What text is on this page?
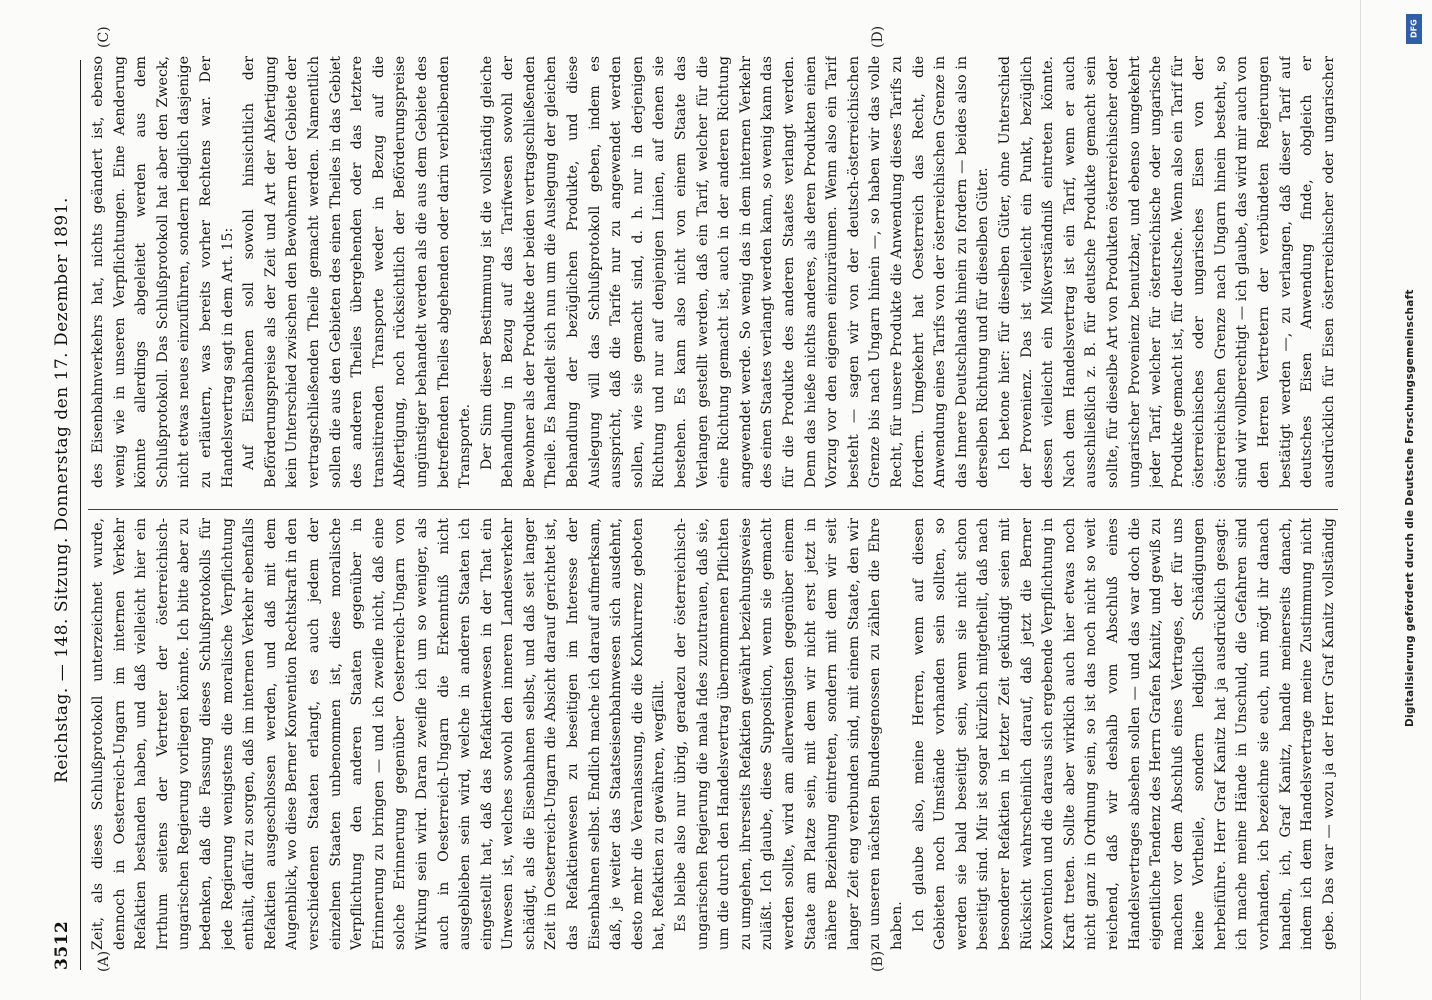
3512
Reichstag. — 148. Sitzung. Donnerstag den 17. Dezember 1891.
(A)	(B)
(C)	(D)

Zeit, als dieses Schlußprotokoll unterzeichnet wurde, dennoch in Oesterreich-Ungarn im internen Verkehr Refaktien bestanden haben, und daß vielleicht hier ein Irrthum seitens der Vertreter der österreichisch-ungarischen Regierung vorliegen könnte. Ich bitte aber zu bedenken, daß die Fassung dieses Schlußprotokolls für jede Regierung wenigstens die moralische Verpflichtung enthält, dafür zu sorgen, daß im internen Verkehr ebenfalls Refaktien ausgeschlossen werden, und daß mit dem Augenblick, wo diese Berner Konvention Rechtskraft in den verschiedenen Staaten erlangt, es auch jedem der einzelnen Staaten unbenommen ist, diese moralische Verpflichtung den anderen Staaten gegenüber in Erinnerung zu bringen — und ich zweifle nicht, daß eine solche Erinnerung gegenüber Oesterreich-Ungarn von Wirkung sein wird. Daran zweifle ich um so weniger, als auch in Oesterreich-Ungarn die Erkenntniß nicht ausgeblieben sein wird, welche in anderen Staaten ich eingestellt hat, daß das Refaktienwesen in der That ein Unwesen ist, welches sowohl den inneren Landesverkehr schädigt, als die Eisenbahnen selbst, und daß seit langer Zeit in Oesterreich-Ungarn die Absicht darauf gerichtet ist, das Refaktienwesen zu beseitigen im Interesse der Eisenbahnen selbst. Endlich mache ich darauf aufmerksam, daß, je weiter das Staatseisenbahnwesen sich ausdehnt, desto mehr die Veranlassung, die die Konkurrenz geboten hat, Refaktien zu gewähren, wegfällt. Es bleibe also nur übrig, geradezu der österreichisch-ungarischen Regierung die mala fides zuzutrauen, daß sie, um die durch den Handelsvertrag übernommenen Pflichten zu umgehen, ihrerseits Refaktien gewährt beziehungsweise zuläßt. Ich glaube, diese Supposition, wenn sie gemacht werden sollte, wird am allerwenigsten gegenüber einem Staate am Platze sein, mit dem wir nicht erst jetzt in nähere Beziehung eintreten, sondern mit dem wir seit langer Zeit eng verbunden sind, mit einem Staate, den wir zu unseren nächsten Bundesgenossen zu zählen die Ehre haben. Ich glaube also, meine Herren, wenn auf diesen Gebieten noch Umstände vorhanden sein sollten, so werden sie bald beseitigt sein, wenn sie nicht schon beseitigt sind. Mir ist sogar kürzlich mitgetheilt, daß nach besonderer Refaktien in letzter Zeit gekündigt seien mit Rücksicht wahrscheinlich darauf, daß jetzt die Berner Konvention und die daraus sich ergebende Verpflichtung in Kraft treten. Sollte aber wirklich auch hier etwas noch nicht ganz in Ordnung sein, so ist das noch nicht so weit reichend, daß wir deshalb vom Abschluß eines Handelsvertrages absehen sollen — und das war doch die eigentliche Tendenz des Herrn Grafen Kanitz, und gewiß zu machen vor dem Abschluß eines Vertrages, der für uns keine Vortheile, sondern lediglich Schädigungen herbeiführe. Herr Graf Kanitz hat ja ausdrücklich gesagt: ich mache meine Hände in Unschuld, die Gefahren sind vorhanden, ich bezeichne sie euch, nun mögt ihr danach handeln, ich, Graf Kanitz, handle meinerseits danach, indem ich dem Handelsvertrage meine Zustimmung nicht gebe. Das war — wozu ja der Herr Graf Kanitz vollständig

des Eisenbahnverkehrs hat, nichts geändert ist, ebenso wenig wie in unseren Verpflichtungen. Eine Aenderung könnte allerdings abgeleitet werden aus dem Schlußprotokoll. Das Schlußprotokoll hat aber den Zweck, nicht etwas neues einzuführen, sondern lediglich dasjenige zu erläutern, was bereits vorher Rechtens war. Der Handelsvertrag sagt in dem Art. 15: Auf Eisenbahnen soll sowohl hinsichtlich der Beförderungspreise als der Zeit und Art der Abfertigung kein Unterschied zwischen den Bewohnern der Gebiete der vertragschließenden Theile gemacht werden. Namentlich sollen die aus den Gebieten des einen Theiles in das Gebiet des anderen Theiles übergehenden oder das letztere transitirenden Transporte weder in Bezug auf die Abfertigung, noch rücksichtlich der Beförderungspreise ungünstiger behandelt werden als die aus dem Gebiete des betreffenden Theiles abgehenden oder darin verbleibenden Transporte. Der Sinn dieser Bestimmung ist die vollständig gleiche Behandlung in Bezug auf das Tarifwesen sowohl der Bewohner als der Produkte der beiden vertragschließenden Theile. Es handelt sich nun um die Auslegung der gleichen Behandlung der bezüglichen Produkte, und diese Auslegung will das Schlußprotokoll geben, indem es ausspricht, daß die Tarife nur zu angewendet werden sollen, wie sie gemacht sind, d. h. nur in derjenigen Richtung und nur auf denjenigen Linien, auf denen sie bestehen. Es kann also nicht von einem Staate das Verlangen gestellt werden, daß ein Tarif, welcher für die eine Richtung gemacht ist, auch in der anderen Richtung angewendet werde. So wenig das in dem internen Verkehr des einen Staates verlangt werden kann, so wenig kann das für die Produkte des anderen Staates verlangt werden. Denn das hieße nichts anderes, als deren Produkten einen Vorzug vor den eigenen einzuräumen. Wenn also ein Tarif besteht — sagen wir von der deutsch-österreichischen Grenze bis nach Ungarn hinein —, so haben wir das volle Recht, für unsere Produkte die Anwendung dieses Tarifs zu fordern. Umgekehrt hat Oesterreich das Recht, die Anwendung eines Tarifs von der österreichischen Grenze in das Innere Deutschlands hinein zu fordern — beides also in derselben Richtung und für dieselben Güter. Ich betone hier: für dieselben Güter, ohne Unterschied der Provenienz. Das ist vielleicht ein Punkt, bezüglich dessen vielleicht ein Mißverständniß eintreten könnte. Nach dem Handelsvertrag ist ein Tarif, wenn er auch ausschließlich z. B. für deutsche Produkte gemacht sein sollte, für dieselbe Art von Produkten österreichischer oder ungarischer Provenienz benutzbar, und ebenso umgekehrt jeder Tarif, welcher für österreichische oder ungarische Produkte gemacht ist, für deutsche. Wenn also ein Tarif für österreichisches oder ungarisches Eisen von der österreichischen Grenze nach Ungarn hinein besteht, so sind wir vollberechtigt — ich glaube, das wird mir auch von den Herren Vertretern der verbündeten Regierungen bestätigt werden —, zu verlangen, daß dieser Tarif auf deutsches Eisen Anwendung finde, obgleich er ausdrücklich für Eisen österreichischer oder ungarischer

DFG
Digitalisierung gefördert durch die Deutsche Forschungsgemeinschaft
